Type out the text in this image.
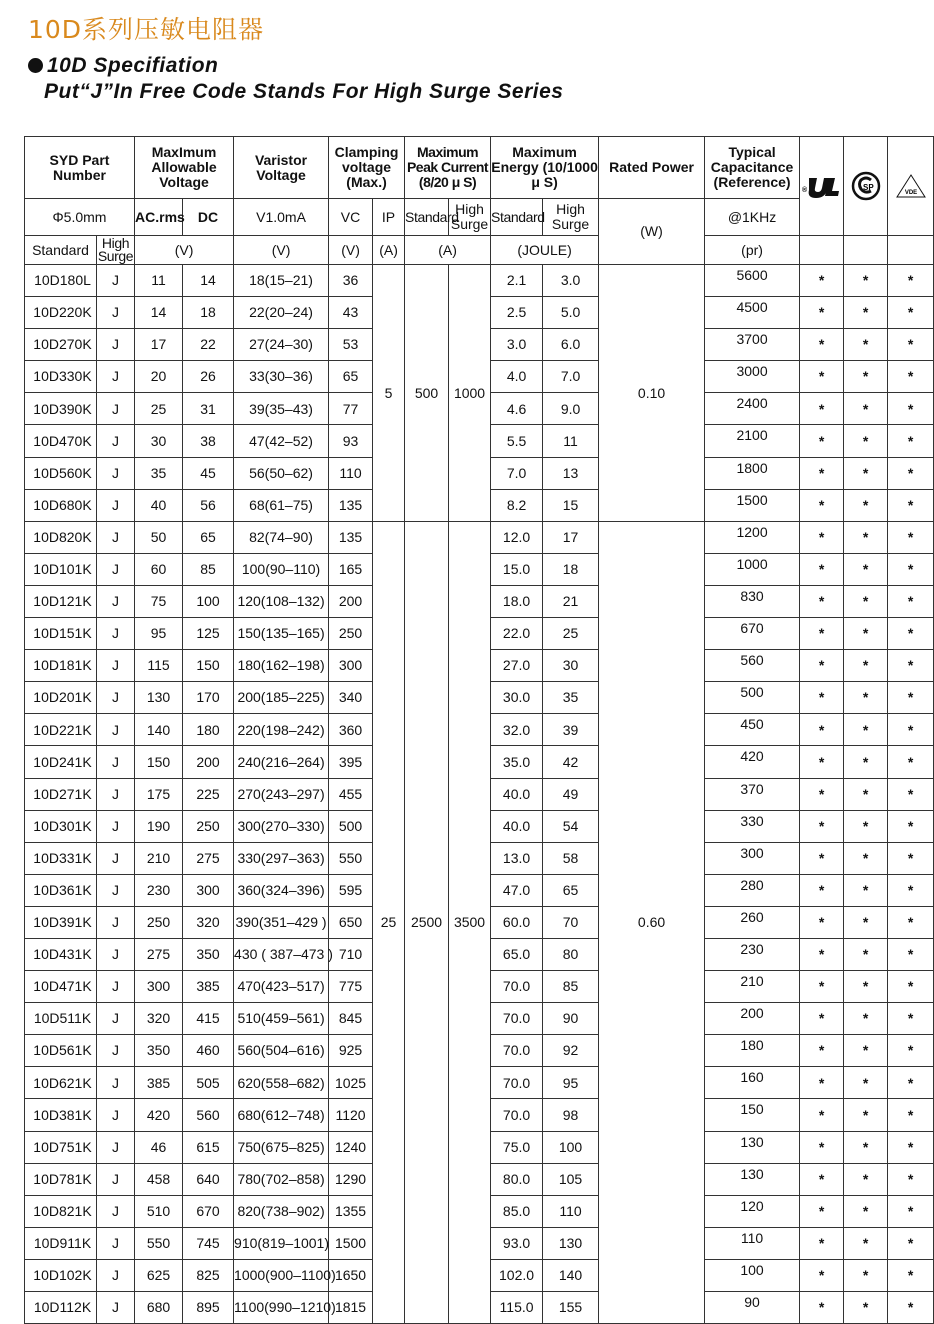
10D系列压敏电阻器
10D Specifiation
Put“J”In Free Code Stands For High Surge Series
SYD Part Number		MaxImum Allowable Voltage		Varistor Voltage	Clamping voltage (Max.)		Maximum Peak Current (8/20 μ S)		Maximum Energy (10/1000 μ S)		Rated Power	Typical Capacitance (Reference)	®	SP	VDE

Φ5.0mm		AC.rms	DC	V1.0mA	VC	IP	Standard	High Surge	Standard	High Surge	(W)	@1KHz			
Standard	High Surge	(V)		(V)	(V)	(A)	(A)		(JOULE)			(pr)			
10D180L	J	11	14	18(15–21)	36	5	500	1000	2.1	3.0	0.10	5600	*	*	*
10D220K	J	14	18	22(20–24)	43				2.5	5.0		4500	*	*	*
10D270K	J	17	22	27(24–30)	53				3.0	6.0		3700	*	*	*
10D330K	J	20	26	33(30–36)	65				4.0	7.0		3000	*	*	*
10D390K	J	25	31	39(35–43)	77				4.6	9.0		2400	*	*	*
10D470K	J	30	38	47(42–52)	93				5.5	11		2100	*	*	*
10D560K	J	35	45	56(50–62)	110				7.0	13		1800	*	*	*
10D680K	J	40	56	68(61–75)	135				8.2	15		1500	*	*	*
10D820K	J	50	65	82(74–90)	135	25	2500	3500	12.0	17	0.60	1200	*	*	*
10D101K	J	60	85	100(90–110)	165				15.0	18		1000	*	*	*
10D121K	J	75	100	120(108–132)	200				18.0	21		830	*	*	*
10D151K	J	95	125	150(135–165)	250				22.0	25		670	*	*	*
10D181K	J	115	150	180(162–198)	300				27.0	30		560	*	*	*
10D201K	J	130	170	200(185–225)	340				30.0	35		500	*	*	*
10D221K	J	140	180	220(198–242)	360				32.0	39		450	*	*	*
10D241K	J	150	200	240(216–264)	395				35.0	42		420	*	*	*
10D271K	J	175	225	270(243–297)	455				40.0	49		370	*	*	*
10D301K	J	190	250	300(270–330)	500				40.0	54		330	*	*	*
10D331K	J	210	275	330(297–363)	550				13.0	58		300	*	*	*
10D361K	J	230	300	360(324–396)	595				47.0	65		280	*	*	*
10D391K	J	250	320	390(351–429 )	650				60.0	70		260	*	*	*
10D431K	J	275	350	430 ( 387–473 )	710				65.0	80		230	*	*	*
10D471K	J	300	385	470(423–517)	775				70.0	85		210	*	*	*
10D511K	J	320	415	510(459–561)	845				70.0	90		200	*	*	*
10D561K	J	350	460	560(504–616)	925				70.0	92		180	*	*	*
10D621K	J	385	505	620(558–682)	1025				70.0	95		160	*	*	*
10D381K	J	420	560	680(612–748)	1120				70.0	98		150	*	*	*
10D751K	J	46	615	750(675–825)	1240				75.0	100		130	*	*	*
10D781K	J	458	640	780(702–858)	1290				80.0	105		130	*	*	*
10D821K	J	510	670	820(738–902)	1355				85.0	110		120	*	*	*
10D911K	J	550	745	910(819–1001)	1500				93.0	130		110	*	*	*
10D102K	J	625	825	1000(900–1100)	1650				102.0	140		100	*	*	*
10D112K	J	680	895	1100(990–1210)	1815				115.0	155		90	*	*	*
